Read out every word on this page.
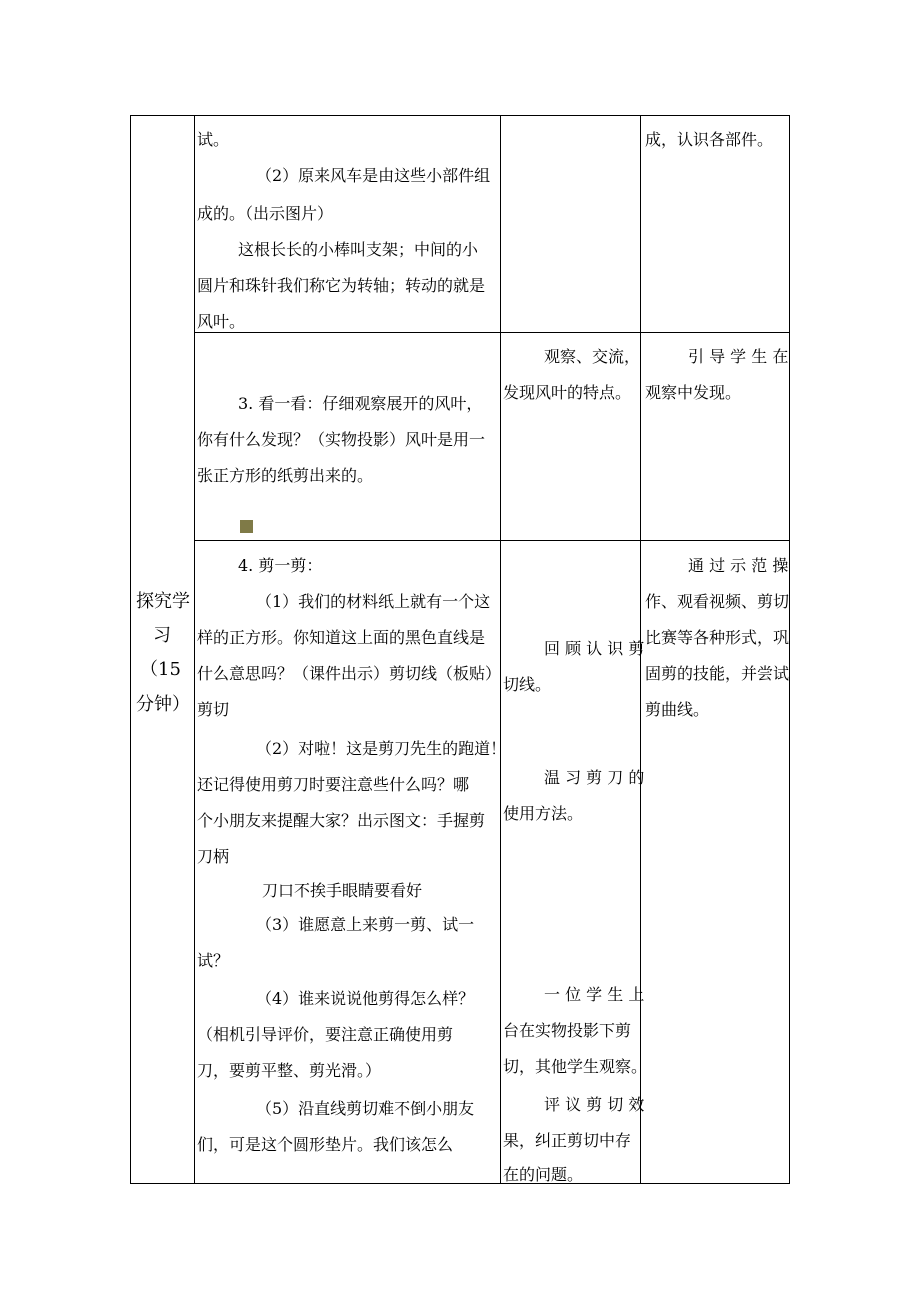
探究学
习
（15
分钟）
试。
（2）原来风车是由这些小部件组
成的。（出示图片）
这根长长的小棒叫支架；中间的小
圆片和珠针我们称它为转轴；转动的就是
风叶。
成，认识各部件。
3. 看一看：仔细观察展开的风叶，
你有什么发现？（实物投影）风叶是用一
张正方形的纸剪出来的。
观察、交流，
发现风叶的特点。
引 导 学 生 在
观察中发现。
4. 剪一剪：
（1）我们的材料纸上就有一个这
样的正方形。你知道这上面的黑色直线是
什么意思吗？（课件出示）剪切线（板贴）
剪切
（2）对啦！这是剪刀先生的跑道！
还记得使用剪刀时要注意些什么吗？哪
个小朋友来提醒大家？出示图文：手握剪
刀柄
刀口不挨手眼睛要看好
（3）谁愿意上来剪一剪、试一
试？
（4）谁来说说他剪得怎么样？
（相机引导评价，要注意正确使用剪
刀，要剪平整、剪光滑。）
（5）沿直线剪切难不倒小朋友
们，可是这个圆形垫片。我们该怎么
回 顾 认 识 剪
切线。
温 习 剪 刀 的
使用方法。
一 位 学 生 上
台在实物投影下剪
切，其他学生观察。
评 议 剪 切 效
果，纠正剪切中存
在的问题。
通 过 示 范 操
作、观看视频、剪切
比赛等各种形式，巩
固剪的技能，并尝试
剪曲线。
